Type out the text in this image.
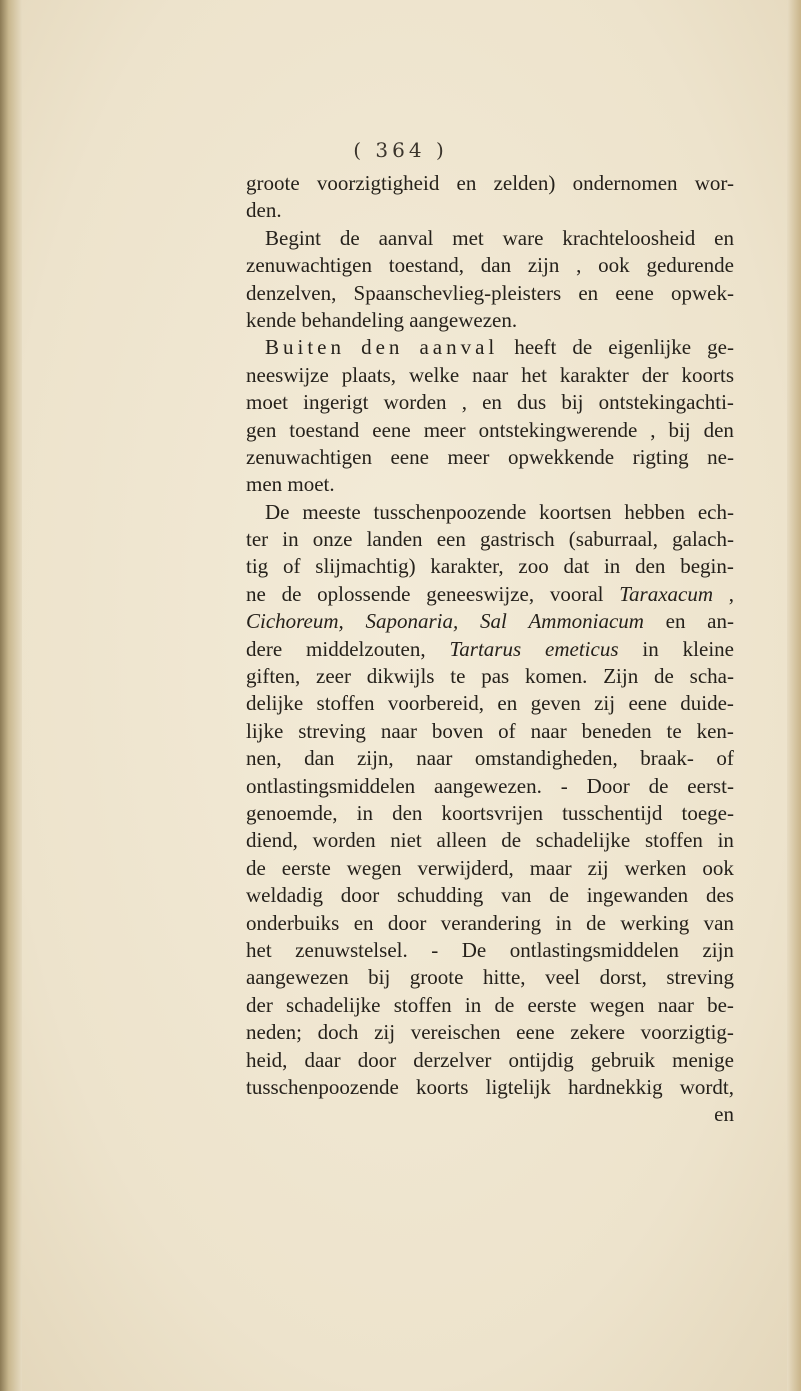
( 364 )
groote voorzigtigheid en zelden) ondernomen wor-
den.
Begint de aanval met ware krachteloosheid en
zenuwachtigen toestand, dan zijn , ook gedurende
denzelven, Spaanschevlieg-pleisters en eene opwek-
kende behandeling aangewezen.
Buiten den aanval heeft de eigenlijke ge-
neeswijze plaats, welke naar het karakter der koorts
moet ingerigt worden , en dus bij ontstekingachti-
gen toestand eene meer ontstekingwerende , bij den
zenuwachtigen eene meer opwekkende rigting ne-
men moet.
De meeste tusschenpoozende koortsen hebben ech-
ter in onze landen een gastrisch (saburraal, galach-
tig of slijmachtig) karakter, zoo dat in den begin-
ne de oplossende geneeswijze, vooral Taraxacum ,
Cichoreum, Saponaria, Sal Ammoniacum en an-
dere middelzouten, Tartarus emeticus in kleine
giften, zeer dikwijls te pas komen. Zijn de scha-
delijke stoffen voorbereid, en geven zij eene duide-
lijke streving naar boven of naar beneden te ken-
nen, dan zijn, naar omstandigheden, braak- of
ontlastingsmiddelen aangewezen. - Door de eerst-
genoemde, in den koortsvrijen tusschentijd toege-
diend, worden niet alleen de schadelijke stoffen in
de eerste wegen verwijderd, maar zij werken ook
weldadig door schudding van de ingewanden des
onderbuiks en door verandering in de werking van
het zenuwstelsel. - De ontlastingsmiddelen zijn
aangewezen bij groote hitte, veel dorst, streving
der schadelijke stoffen in de eerste wegen naar be-
neden; doch zij vereischen eene zekere voorzigtig-
heid, daar door derzelver ontijdig gebruik menige
tusschenpoozende koorts ligtelijk hardnekkig wordt,
en
